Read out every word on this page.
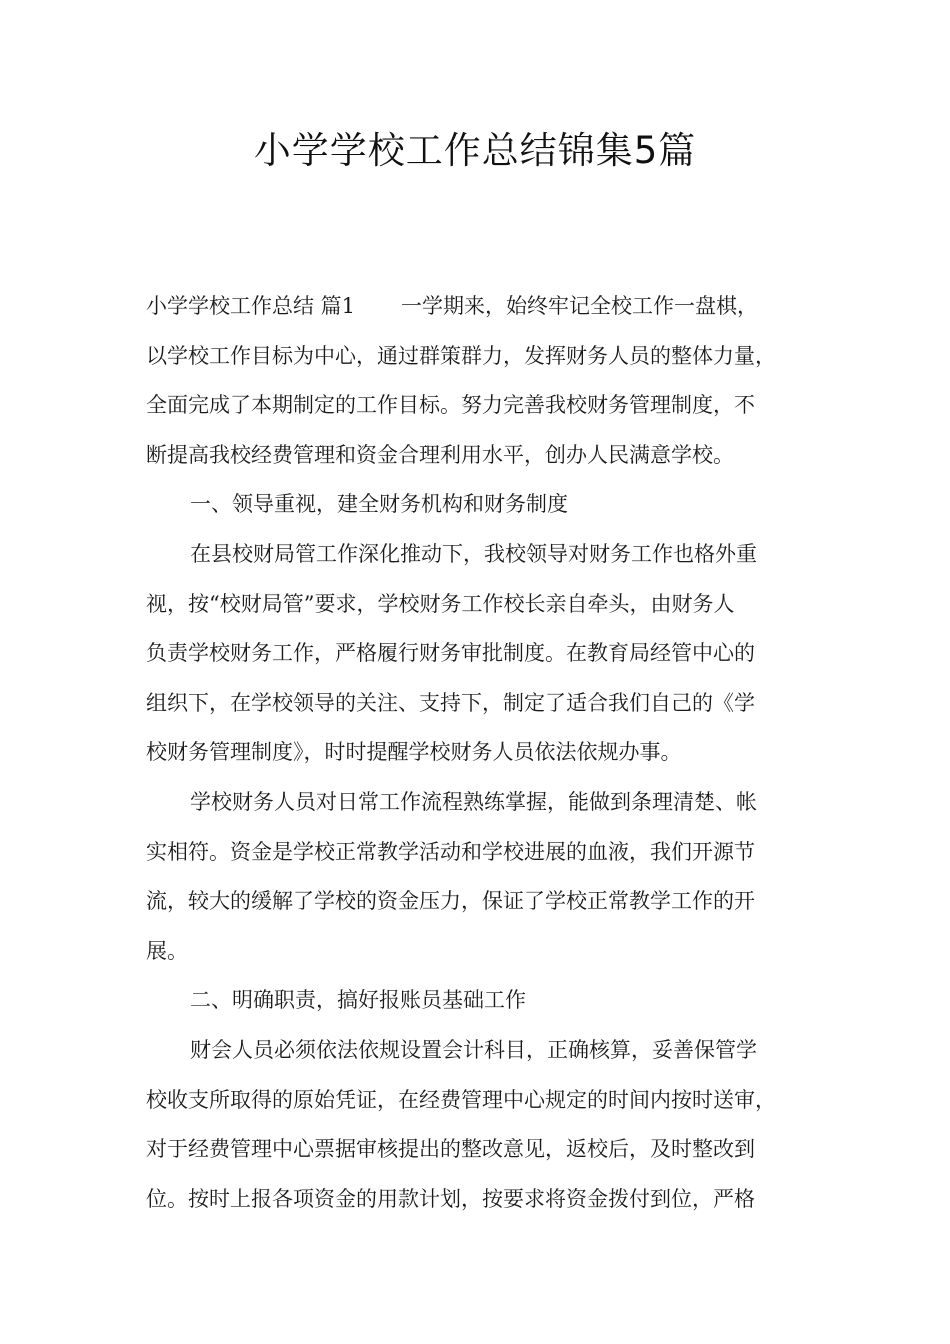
小学学校工作总结锦集5篇
小学学校工作总结 篇1 一学期来，始终牢记全校工作一盘棋，
以学校工作目标为中心，通过群策群力，发挥财务人员的整体力量，
全面完成了本期制定的工作目标。努力完善我校财务管理制度，不
断提高我校经费管理和资金合理利用水平，创办人民满意学校。
一、领导重视，建全财务机构和财务制度
在县校财局管工作深化推动下，我校领导对财务工作也格外重
视，按“校财局管”要求，学校财务工作校长亲自牵头，由财务人
负责学校财务工作，严格履行财务审批制度。在教育局经管中心的
组织下，在学校领导的关注、支持下，制定了适合我们自己的《学
校财务管理制度》，时时提醒学校财务人员依法依规办事。
学校财务人员对日常工作流程熟练掌握，能做到条理清楚、帐
实相符。资金是学校正常教学活动和学校进展的血液，我们开源节
流，较大的缓解了学校的资金压力，保证了学校正常教学工作的开
展。
二、明确职责，搞好报账员基础工作
财会人员必须依法依规设置会计科目，正确核算，妥善保管学
校收支所取得的原始凭证，在经费管理中心规定的时间内按时送审，
对于经费管理中心票据审核提出的整改意见，返校后，及时整改到
位。按时上报各项资金的用款计划，按要求将资金拨付到位，严格
